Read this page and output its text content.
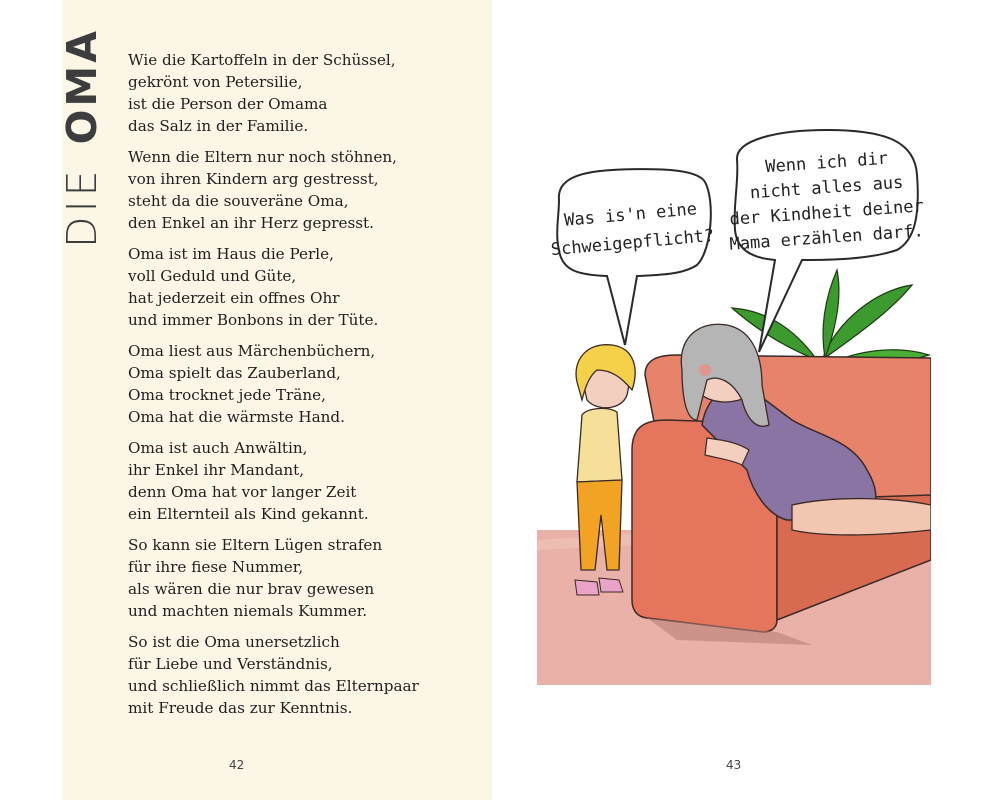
DIEOMA Wie die Kartoffeln in der Schüssel,
gekrönt von Petersilie,
ist die Person der Omama
das Salz in der Familie.
Wenn die Eltern nur noch stöhnen,
von ihren Kindern arg gestresst,
steht da die souveräne Oma,
den Enkel an ihr Herz gepresst.
Oma ist im Haus die Perle,
voll Geduld und Güte,
hat jederzeit ein offnes Ohr
und immer Bonbons in der Tüte.
Oma liest aus Märchenbüchern,
Oma spielt das Zauberland,
Oma trocknet jede Träne,
Oma hat die wärmste Hand.
Oma ist auch Anwältin,
ihr Enkel ihr Mandant,
denn Oma hat vor langer Zeit
ein Elternteil als Kind gekannt.
So kann sie Eltern Lügen strafen
für ihre fiese Nummer,
als wären die nur brav gewesen
und machten niemals Kummer.
So ist die Oma unersetzlich
für Liebe und Verständnis,
und schließlich nimmt das Elternpaar
mit Freude das zur Kenntnis.
42	43
Was is'n eine
Schweigepflicht?
Wenn ich dir
nicht alles aus
der Kindheit deiner
Mama erzählen darf.
